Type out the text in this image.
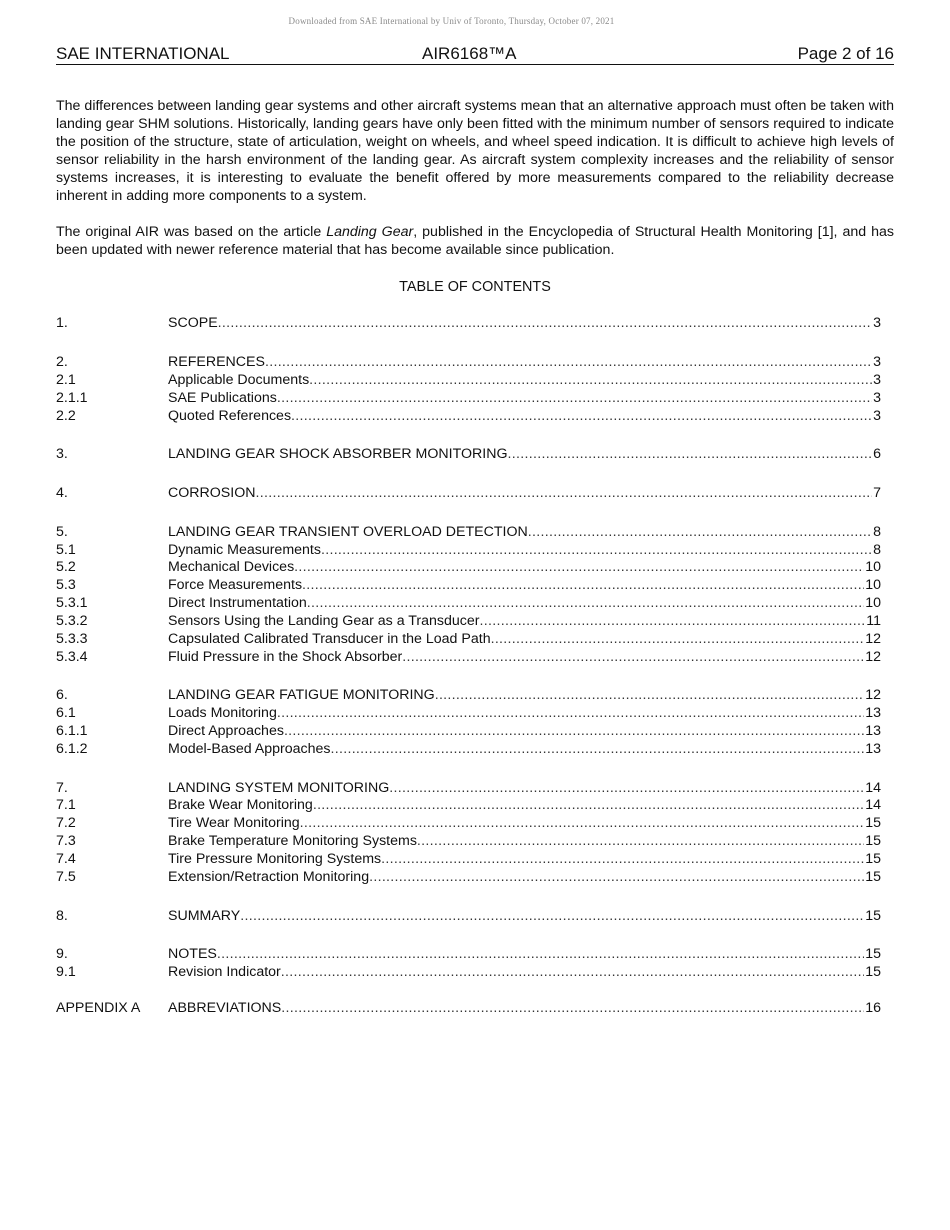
Downloaded from SAE International by Univ of Toronto, Thursday, October 07, 2021
SAE INTERNATIONAL	AIR6168™A	Page 2 of 16

The differences between landing gear systems and other aircraft systems mean that an alternative approach must often be taken with landing gear SHM solutions. Historically, landing gears have only been fitted with the minimum number of sensors required to indicate the position of the structure, state of articulation, weight on wheels, and wheel speed indication. It is difficult to achieve high levels of sensor reliability in the harsh environment of the landing gear. As aircraft system complexity increases and the reliability of sensor systems increases, it is interesting to evaluate the benefit offered by more measurements compared to the reliability decrease inherent in adding more components to a system.

The original AIR was based on the article Landing Gear, published in the Encyclopedia of Structural Health Monitoring [1], and has been updated with newer reference material that has become available since publication.

TABLE OF CONTENTS
1.	SCOPE .....	3
2.	REFERENCES .....	3
2.1	Applicable Documents .....	3
2.1.1	SAE Publications .....	3
2.2	Quoted References .....	3
3.	LANDING GEAR SHOCK ABSORBER MONITORING .....	6
4.	CORROSION .....	7
5.	LANDING GEAR TRANSIENT OVERLOAD DETECTION .....	8
5.1	Dynamic Measurements .....	8
5.2	Mechanical Devices .....	10
5.3	Force Measurements .....	10
5.3.1	Direct Instrumentation .....	10
5.3.2	Sensors Using the Landing Gear as a Transducer .....	11
5.3.3	Capsulated Calibrated Transducer in the Load Path .....	12
5.3.4	Fluid Pressure in the Shock Absorber .....	12
6.	LANDING GEAR FATIGUE MONITORING .....	12
6.1	Loads Monitoring .....	13
6.1.1	Direct Approaches .....	13
6.1.2	Model-Based Approaches .....	13
7.	LANDING SYSTEM MONITORING .....	14
7.1	Brake Wear Monitoring .....	14
7.2	Tire Wear Monitoring .....	15
7.3	Brake Temperature Monitoring Systems .....	15
7.4	Tire Pressure Monitoring Systems .....	15
7.5	Extension/Retraction Monitoring .....	15
8.	SUMMARY .....	15
9.	NOTES .....	15
9.1	Revision Indicator .....	15
APPENDIX A	ABBREVIATIONS .....	16
